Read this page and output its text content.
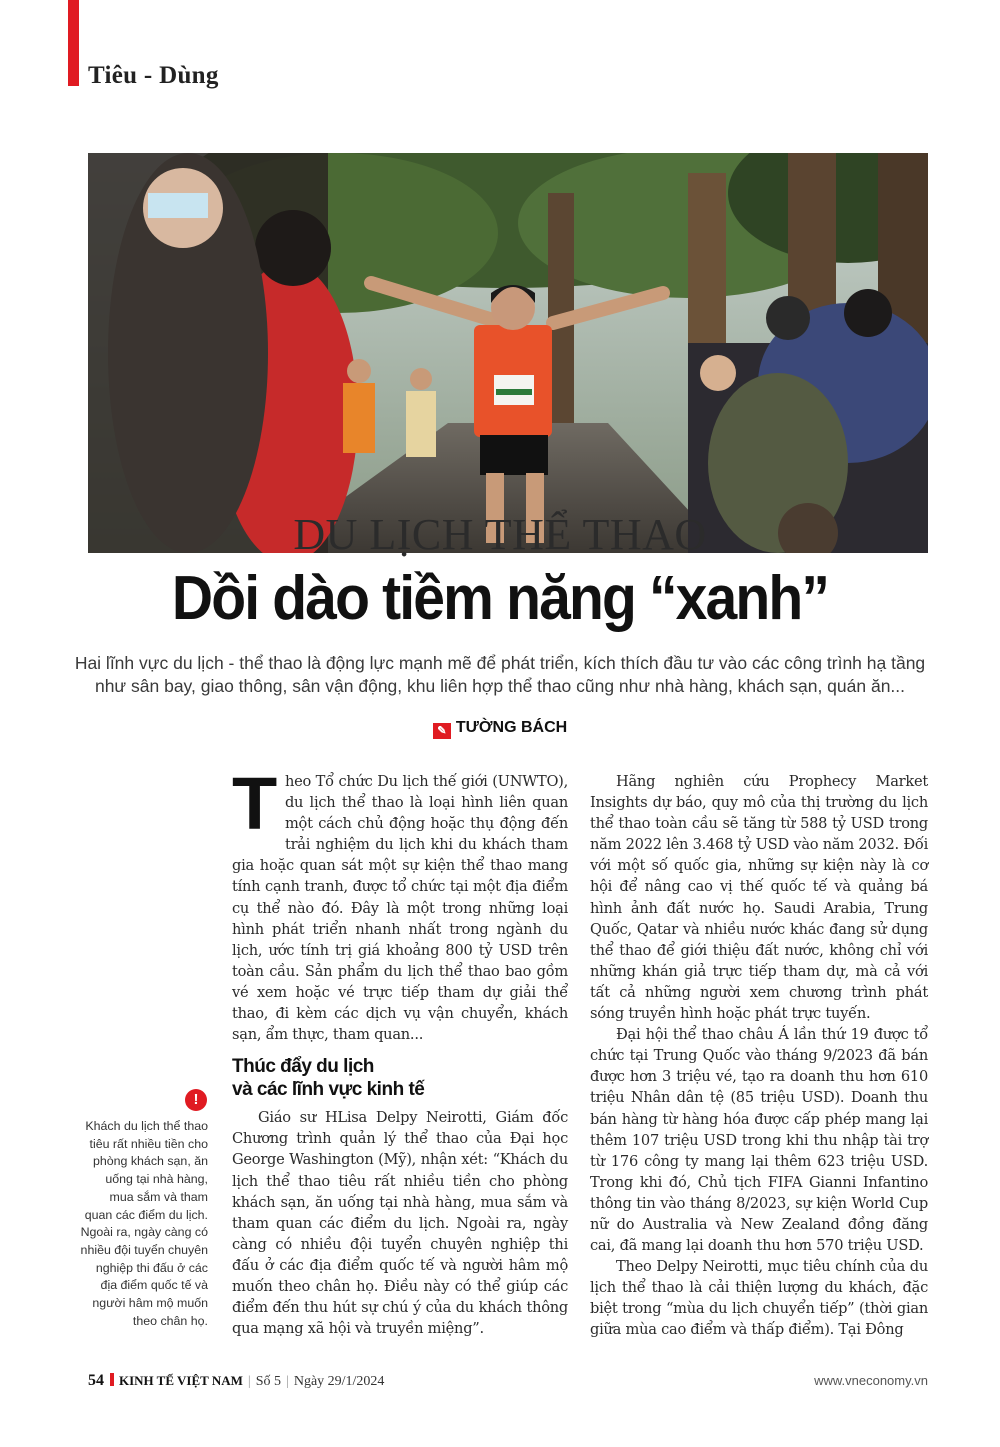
Tiêu - Dùng
DU LỊCH THỂ THAO
Dồi dào tiềm năng “xanh”
Hai lĩnh vực du lịch - thể thao là động lực mạnh mẽ để phát triển, kích thích đầu tư vào các công trình hạ tầng như sân bay, giao thông, sân vận động, khu liên hợp thể thao cũng như nhà hàng, khách sạn, quán ăn...
✎ TƯỜNG BÁCH

Theo Tổ chức Du lịch thế giới (UNWTO), du lịch thể thao là loại hình liên quan một cách chủ động hoặc thụ động đến trải nghiệm du lịch khi du khách tham gia hoặc quan sát một sự kiện thể thao mang tính cạnh tranh, được tổ chức tại một địa điểm cụ thể nào đó. Đây là một trong những loại hình phát triển nhanh nhất trong ngành du lịch, ước tính trị giá khoảng 800 tỷ USD trên toàn cầu. Sản phẩm du lịch thể thao bao gồm vé xem hoặc vé trực tiếp tham dự giải thể thao, đi kèm các dịch vụ vận chuyển, khách sạn, ẩm thực, tham quan...

Thúc đẩy du lịch
và các lĩnh vực kinh tế

Giáo sư HLisa Delpy Neirotti, Giám đốc Chương trình quản lý thể thao của Đại học George Washington (Mỹ), nhận xét: “Khách du lịch thể thao tiêu rất nhiều tiền cho phòng khách sạn, ăn uống tại nhà hàng, mua sắm và tham quan các điểm du lịch. Ngoài ra, ngày càng có nhiều đội tuyển chuyên nghiệp thi đấu ở các địa điểm quốc tế và người hâm mộ muốn theo chân họ. Điều này có thể giúp các điểm đến thu hút sự chú ý của du khách thông qua mạng xã hội và truyền miệng”.

Hãng nghiên cứu Prophecy Market Insights dự báo, quy mô của thị trường du lịch thể thao toàn cầu sẽ tăng từ 588 tỷ USD trong năm 2022 lên 3.468 tỷ USD vào năm 2032. Đối với một số quốc gia, những sự kiện này là cơ hội để nâng cao vị thế quốc tế và quảng bá hình ảnh đất nước họ. Saudi Arabia, Trung Quốc, Qatar và nhiều nước khác đang sử dụng thể thao để giới thiệu đất nước, không chỉ với những khán giả trực tiếp tham dự, mà cả với tất cả những người xem chương trình phát sóng truyền hình hoặc phát trực tuyến.

Đại hội thể thao châu Á lần thứ 19 được tổ chức tại Trung Quốc vào tháng 9/2023 đã bán được hơn 3 triệu vé, tạo ra doanh thu hơn 610 triệu Nhân dân tệ (85 triệu USD). Doanh thu bán hàng từ hàng hóa được cấp phép mang lại thêm 107 triệu USD trong khi thu nhập tài trợ từ 176 công ty mang lại thêm 623 triệu USD. Trong khi đó, Chủ tịch FIFA Gianni Infantino thông tin vào tháng 8/2023, sự kiện World Cup nữ do Australia và New Zealand đồng đăng cai, đã mang lại doanh thu hơn 570 triệu USD.

Theo Delpy Neirotti, mục tiêu chính của du lịch thể thao là cải thiện lượng du khách, đặc biệt trong “mùa du lịch chuyển tiếp” (thời gian giữa mùa cao điểm và thấp điểm). Tại Đông

!
Khách du lịch thể thao tiêu rất nhiều tiền cho phòng khách sạn, ăn uống tại nhà hàng, mua sắm và tham quan các điểm du lịch. Ngoài ra, ngày càng có nhiều đội tuyển chuyên nghiệp thi đấu ở các địa điểm quốc tế và người hâm mộ muốn theo chân họ.
54 KINH TẾ VIỆT NAM | Số 5 | Ngày 29/1/2024	www.vneconomy.vn
